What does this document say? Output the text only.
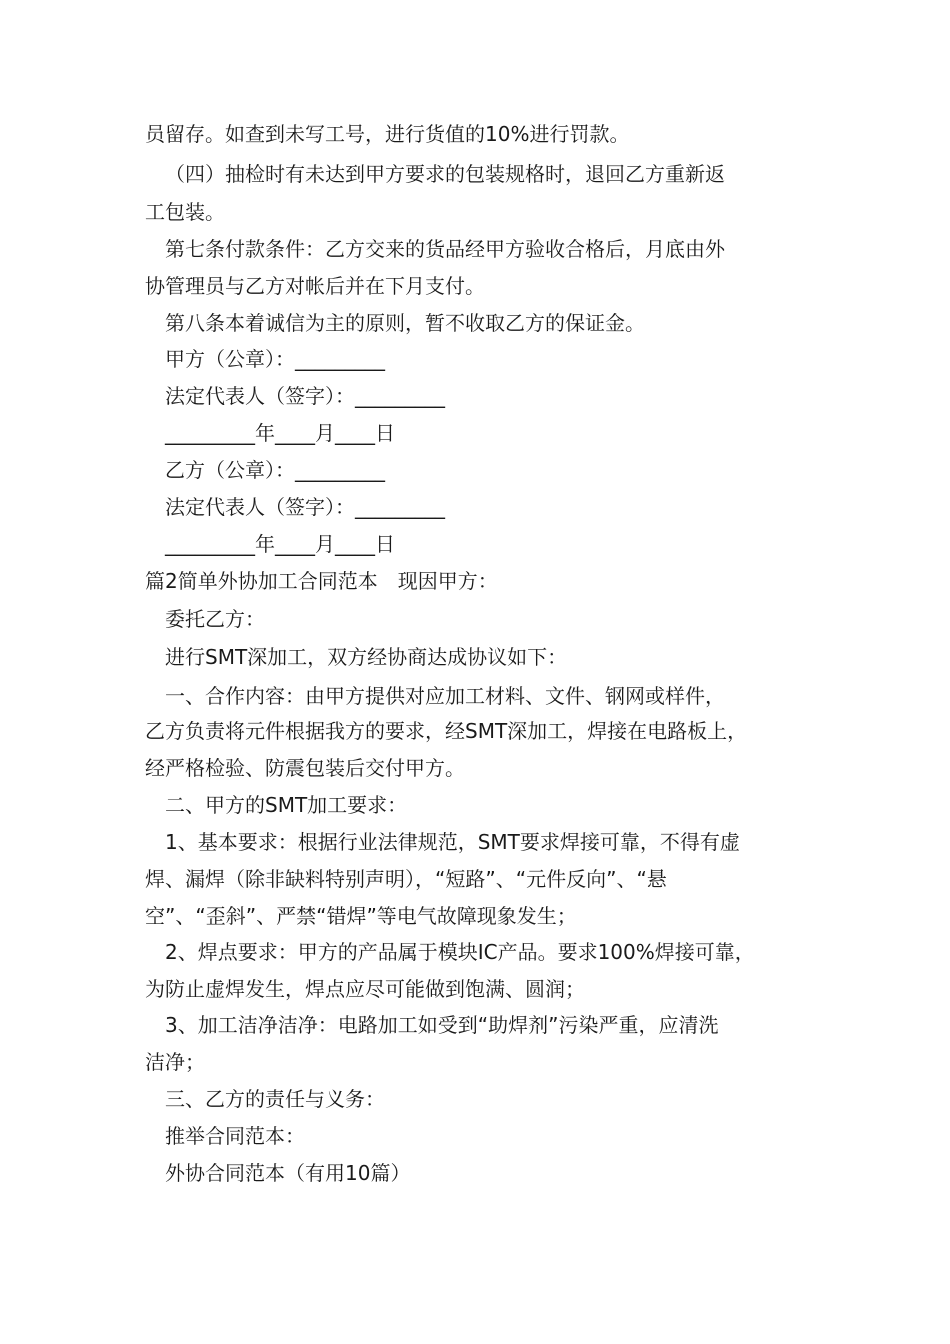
员留存。如查到未写工号，进行货值的10%进行罚款。
（四）抽检时有未达到甲方要求的包装规格时，退回乙方重新返
工包装。
第七条付款条件：乙方交来的货品经甲方验收合格后，月底由外
协管理员与乙方对帐后并在下月支付。
第八条本着诚信为主的原则，暂不收取乙方的保证金。
甲方（公章）：_________
法定代表人（签字）：_________
_________年____月____日
乙方（公章）：_________
法定代表人（签字）：_________
_________年____月____日
篇2简单外协加工合同范本　现因甲方：
委托乙方：
进行SMT深加工，双方经协商达成协议如下：
一、合作内容：由甲方提供对应加工材料、文件、钢网或样件，
乙方负责将元件根据我方的要求，经SMT深加工，焊接在电路板上，
经严格检验、防震包装后交付甲方。
二、甲方的SMT加工要求：
1、基本要求：根据行业法律规范，SMT要求焊接可靠，不得有虚
焊、漏焊（除非缺料特别声明），“短路”、“元件反向”、“悬
空”、“歪斜”、严禁“错焊”等电气故障现象发生；
2、焊点要求：甲方的产品属于模块IC产品。要求100%焊接可靠，
为防止虚焊发生，焊点应尽可能做到饱满、圆润；
3、加工洁净洁净：电路加工如受到“助焊剂”污染严重，应清洗
洁净；
三、乙方的责任与义务：
推举合同范本：
外协合同范本（有用10篇）
